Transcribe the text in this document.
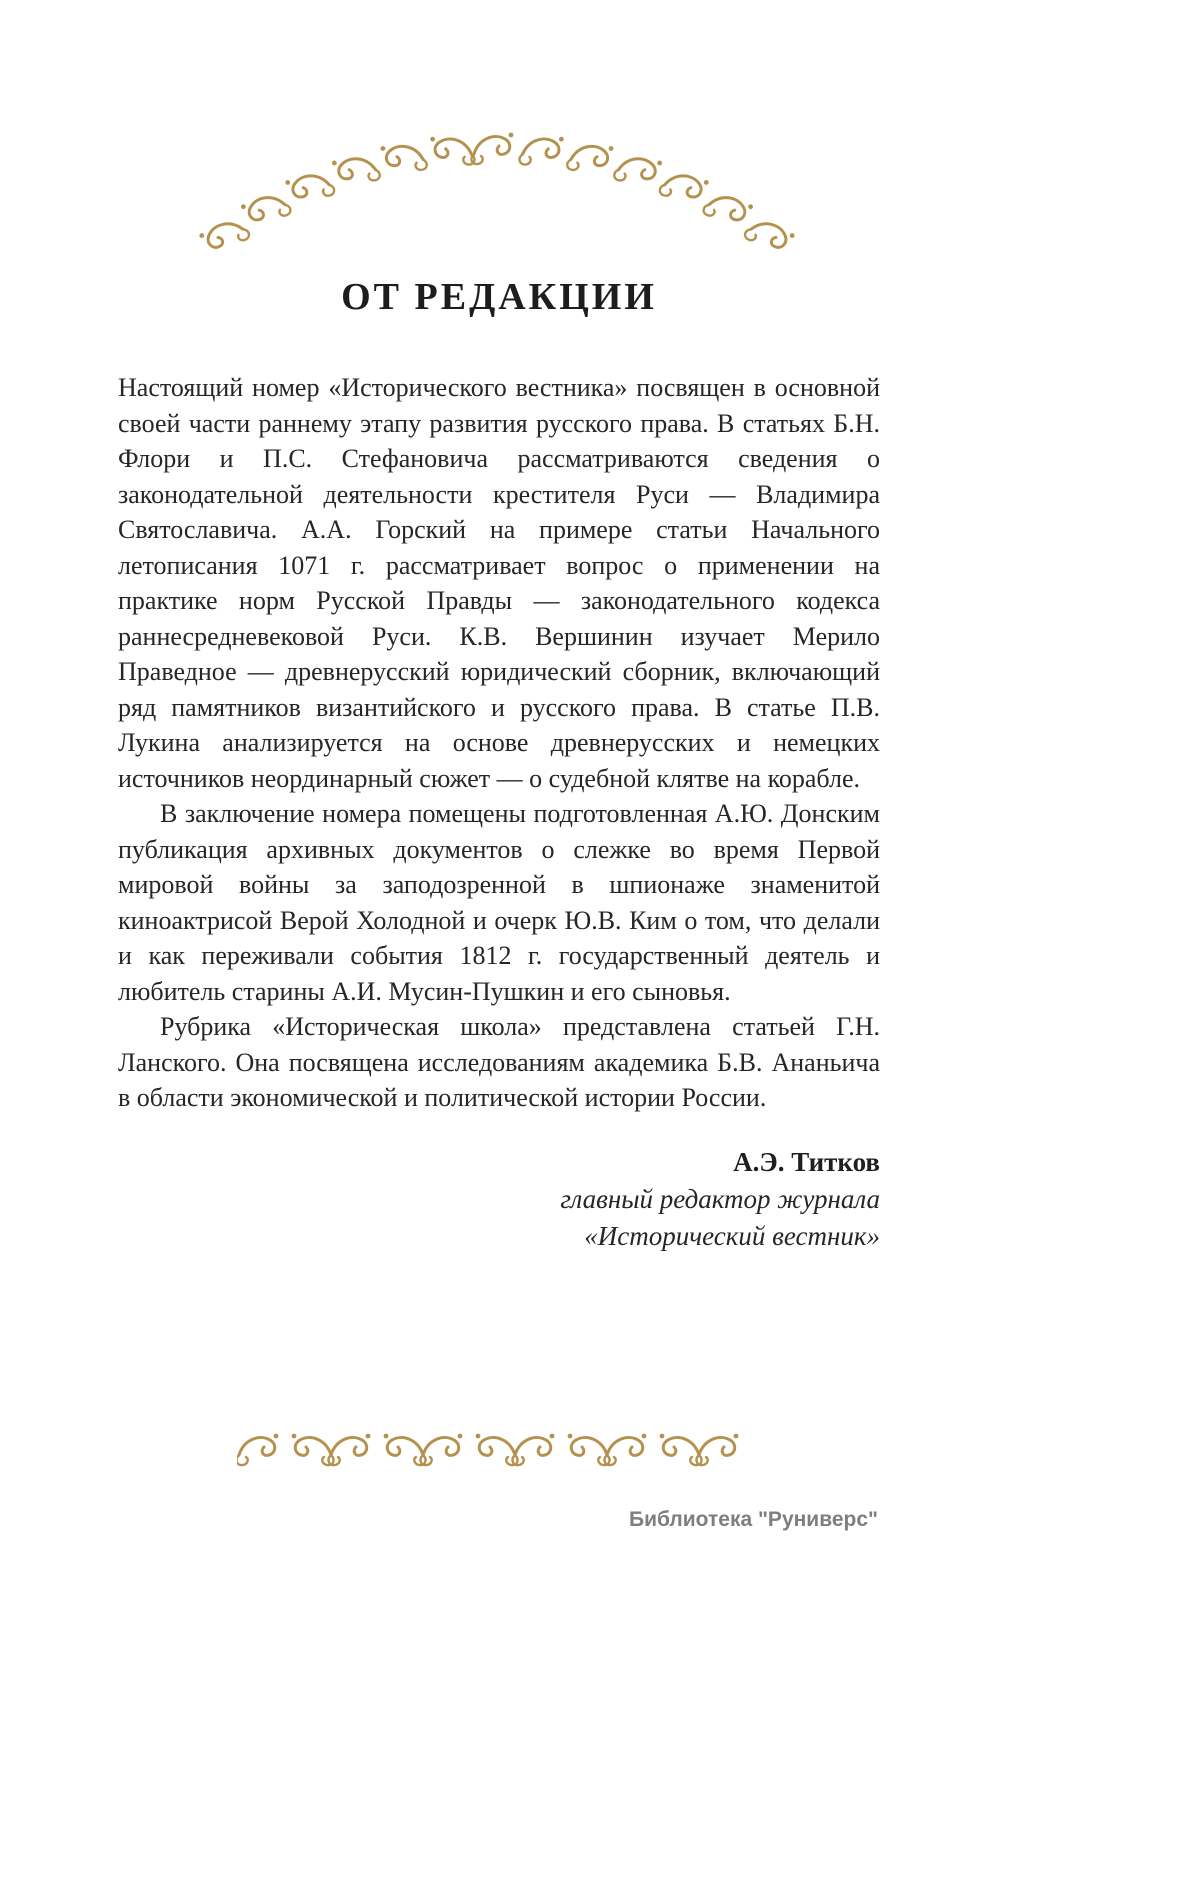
ОТ РЕДАКЦИИ

Настоящий номер «Исторического вестника» посвящен в основной своей части раннему этапу развития русского права. В статьях Б.Н. Флори и П.С. Стефановича рассматриваются сведения о законодательной деятельности крестителя Руси — Владимира Святославича. А.А. Горский на примере статьи Начального летописания 1071 г. рассматривает вопрос о применении на практике норм Русской Правды — законодательного кодекса раннесредневековой Руси. К.В. Вершинин изучает Мерило Праведное — древнерусский юридический сборник, включающий ряд памятников византийского и русского права. В статье П.В. Лукина анализируется на основе древнерусских и немецких источников неординарный сюжет — о судебной клятве на корабле.

В заключение номера помещены подготовленная А.Ю. Донским публикация архивных документов о слежке во время Первой мировой войны за заподозренной в шпионаже знаменитой киноактрисой Верой Холодной и очерк Ю.В. Ким о том, что делали и как переживали события 1812 г. государственный деятель и любитель старины А.И. Мусин-Пушкин и его сыновья.

Рубрика «Историческая школа» представлена статьей Г.Н. Ланского. Она посвящена исследованиям академика Б.В. Ананьича в области экономической и политической истории России.

А.Э. Титков
главный редактор журнала
«Исторический вестник»
Библиотека "Руниверс"
